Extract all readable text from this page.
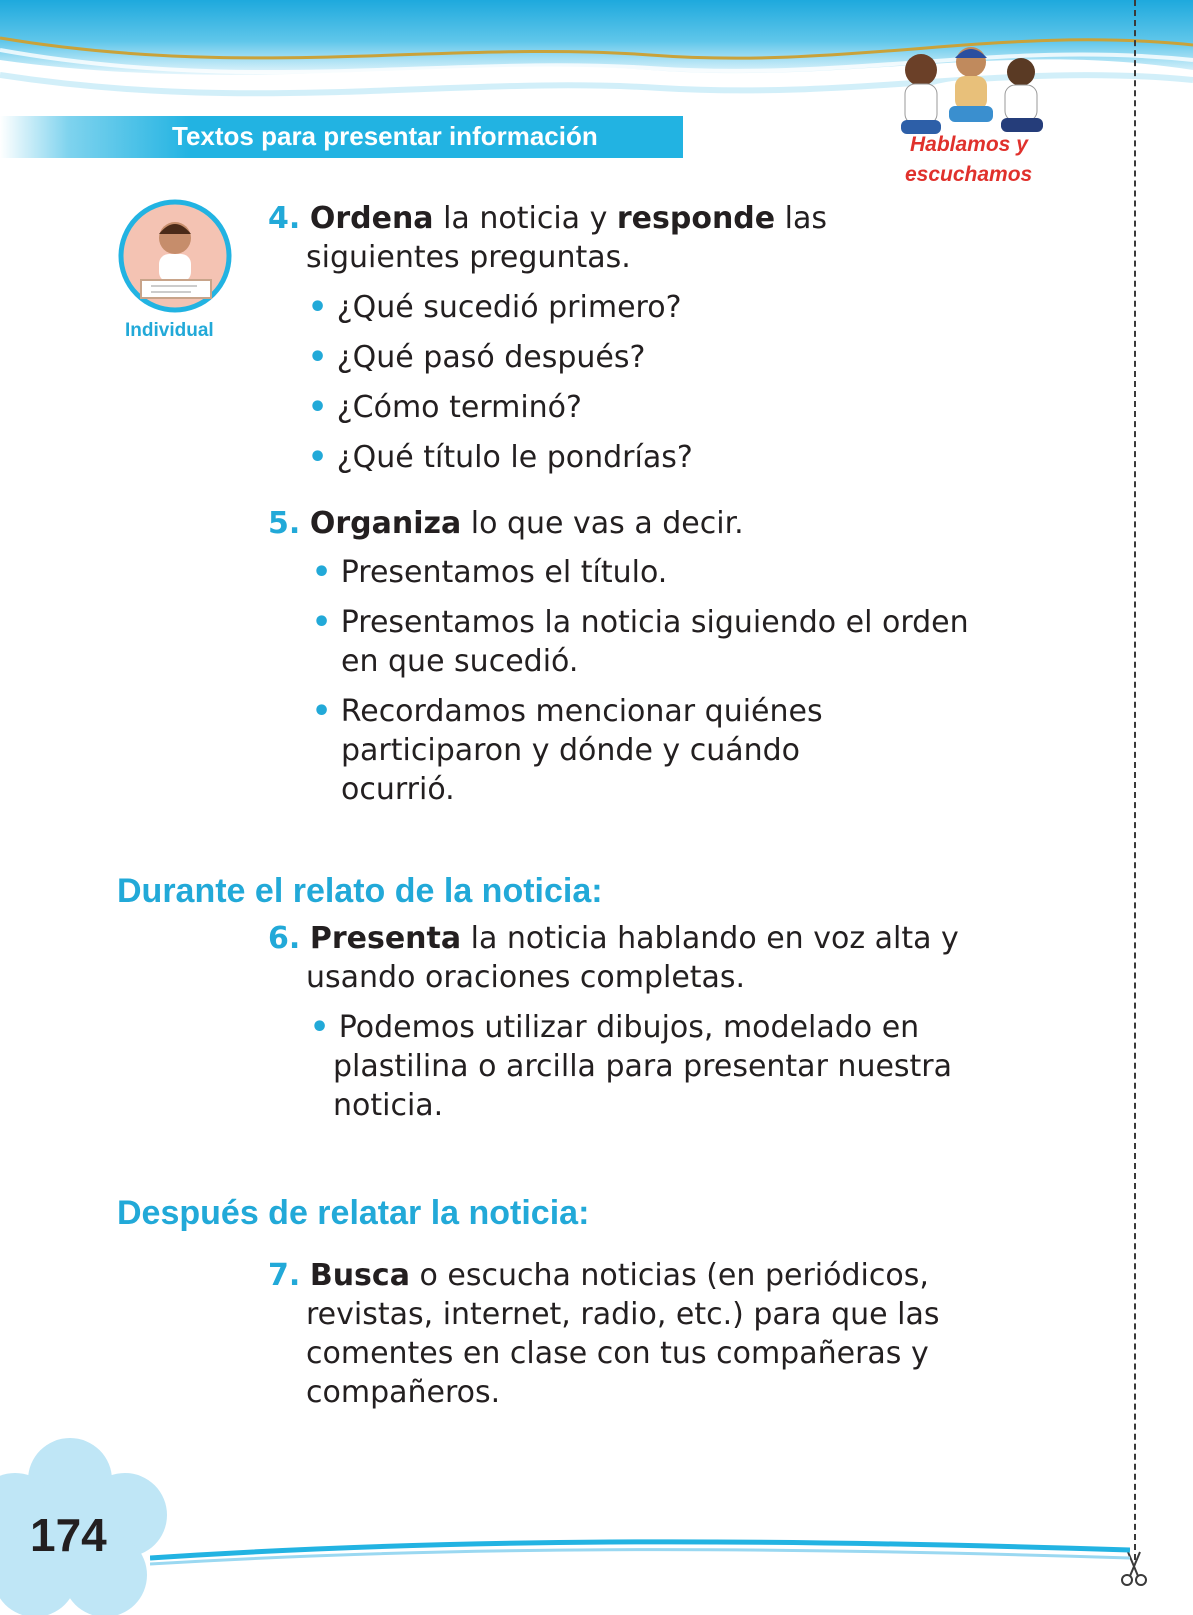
Textos para presentar información	Hablamos y
escuchamos
Individual
4. Ordena la noticia y responde las
siguientes preguntas.
• ¿Qué sucedió primero?
• ¿Qué pasó después?
• ¿Cómo terminó?
• ¿Qué título le pondrías?
5. Organiza lo que vas a decir.
• Presentamos el título.
• Presentamos la noticia siguiendo el orden
en que sucedió.
• Recordamos mencionar quiénes
participaron y dónde y cuándo
ocurrió.
Durante el relato de la noticia:
6. Presenta la noticia hablando en voz alta y
usando oraciones completas.
• Podemos utilizar dibujos, modelado en
plastilina o arcilla para presentar nuestra
noticia.
Después de relatar la noticia:
7. Busca o escucha noticias (en periódicos,
revistas, internet, radio, etc.) para que las
comentes en clase con tus compañeras y
compañeros.
174
